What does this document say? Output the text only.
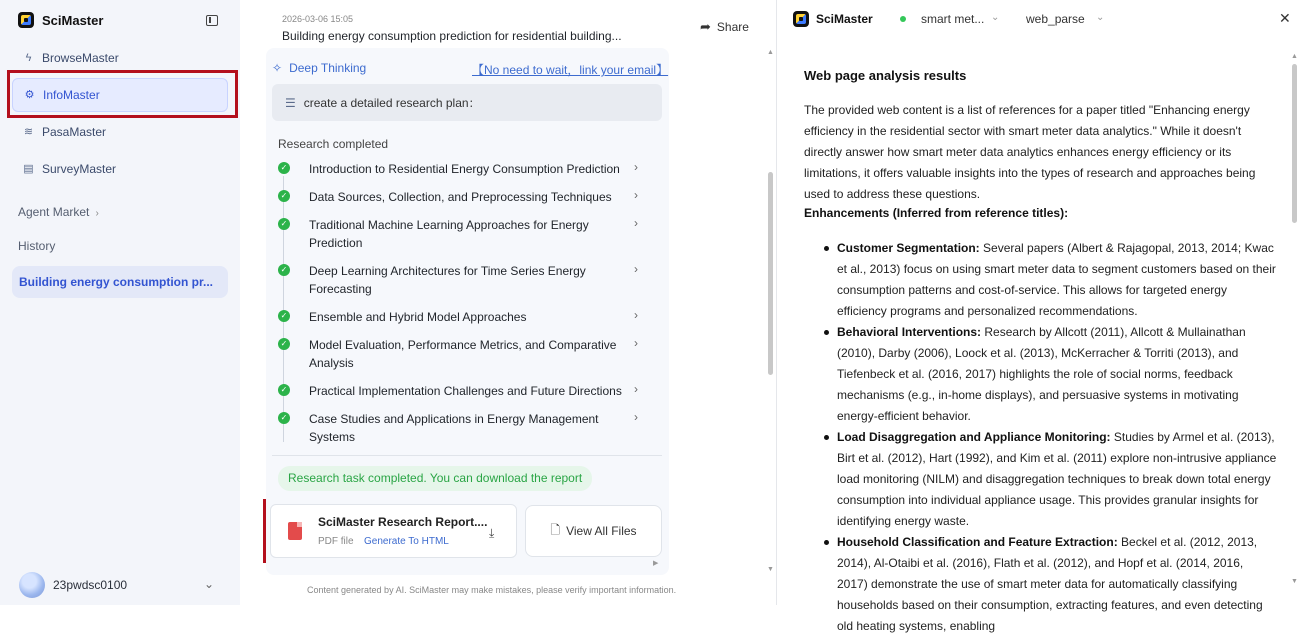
SciMaster
ϟ BrowseMaster
⚙ InfoMaster
≋ PasaMaster
▤ SurveyMaster
Agent Market  ›
History
Building energy consumption pr...
23pwdsc0100	⌄
2026-03-06 15:05
Building energy consumption prediction for residential building...
➦ Share
✧ Deep Thinking	【No need to wait，link your email】
☰ create a detailed research plan：
Research completed
✓ Introduction to Residential Energy Consumption Prediction	›
✓ Data Sources, Collection, and Preprocessing Techniques	›
✓ Traditional Machine Learning Approaches for Energy Prediction
›
✓ Deep Learning Architectures for Time Series Energy Forecasting
›
✓ Ensemble and Hybrid Model Approaches	›
✓ Model Evaluation, Performance Metrics, and Comparative Analysis
›
✓ Practical Implementation Challenges and Future Directions ›
✓ Case Studies and Applications in Energy Management Systems
›
Research task completed. You can download the report
SciMaster Research Report....
PDF file Generate To HTML
⤓	🗋 View All Files
Content generated by AI. SciMaster may make mistakes, please verify important information.
▲
▼
▶
SciMaster	smart met... ⌄ web_parse ⌄	✕
Web page analysis results

The provided web content is a list of references for a paper titled "Enhancing energy efficiency in the residential sector with smart meter data analytics." While it doesn't directly answer how smart meter data analytics enhances energy efficiency or its limitations, it offers valuable insights into the types of research and approaches being used to address these questions.

Enhancements (Inferred from reference titles):
Customer Segmentation: Several papers (Albert & Rajagopal, 2013, 2014; Kwac et al., 2013) focus on using smart meter data to segment customers based on their consumption patterns and cost-of-service. This allows for targeted energy efficiency programs and personalized recommendations.
Behavioral Interventions: Research by Allcott (2011), Allcott & Mullainathan (2010), Darby (2006), Loock et al. (2013), McKerracher & Torriti (2013), and Tiefenbeck et al. (2016, 2017) highlights the role of social norms, feedback mechanisms (e.g., in-home displays), and persuasive systems in motivating energy-efficient behavior.
Load Disaggregation and Appliance Monitoring: Studies by Armel et al. (2013), Birt et al. (2012), Hart (1992), and Kim et al. (2011) explore non-intrusive appliance load monitoring (NILM) and disaggregation techniques to break down total energy consumption into individual appliance usage. This provides granular insights for identifying energy waste.
Household Classification and Feature Extraction: Beckel et al. (2012, 2013, 2014), Al-Otaibi et al. (2016), Flath et al. (2012), and Hopf et al. (2014, 2016, 2017) demonstrate the use of smart meter data for automatically classifying households based on their consumption, extracting features, and even detecting old heating systems, enabling
▲
▼
